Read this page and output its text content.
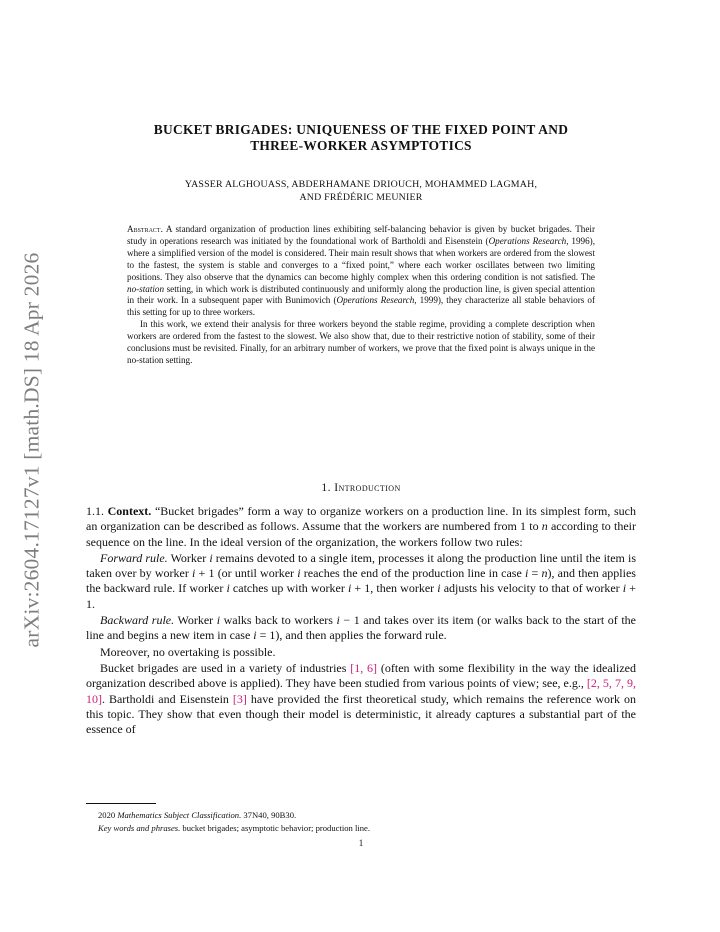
arXiv:2604.17127v1 [math.DS] 18 Apr 2026
BUCKET BRIGADES: UNIQUENESS OF THE FIXED POINT AND
THREE-WORKER ASYMPTOTICS
YASSER ALGHOUASS, ABDERHAMANE DRIOUCH, MOHAMMED LAGMAH,
AND FRÉDÉRIC MEUNIER

Abstract. A standard organization of production lines exhibiting self-balancing behavior is given by bucket brigades. Their study in operations research was initiated by the foundational work of Bartholdi and Eisenstein (Operations Research, 1996), where a simplified version of the model is considered. Their main result shows that when workers are ordered from the slowest to the fastest, the system is stable and converges to a “fixed point,” where each worker oscillates between two limiting positions. They also observe that the dynamics can become highly complex when this ordering condition is not satisfied. The no-station setting, in which work is distributed continuously and uniformly along the production line, is given special attention in their work. In a subsequent paper with Bunimovich (Operations Research, 1999), they characterize all stable behaviors of this setting for up to three workers.

In this work, we extend their analysis for three workers beyond the stable regime, providing a complete description when workers are ordered from the fastest to the slowest. We also show that, due to their restrictive notion of stability, some of their conclusions must be revisited. Finally, for an arbitrary number of workers, we prove that the fixed point is always unique in the no-station setting.

1. Introduction

1.1. Context. “Bucket brigades” form a way to organize workers on a production line. In its simplest form, such an organization can be described as follows. Assume that the workers are numbered from 1 to n according to their sequence on the line. In the ideal version of the organization, the workers follow two rules:

Forward rule. Worker i remains devoted to a single item, processes it along the production line until the item is taken over by worker i + 1 (or until worker i reaches the end of the production line in case i = n), and then applies the backward rule. If worker i catches up with worker i + 1, then worker i adjusts his velocity to that of worker i + 1.

Backward rule. Worker i walks back to workers i − 1 and takes over its item (or walks back to the start of the line and begins a new item in case i = 1), and then applies the forward rule.

Moreover, no overtaking is possible.

Bucket brigades are used in a variety of industries [1, 6] (often with some flexibility in the way the idealized organization described above is applied). They have been studied from various points of view; see, e.g., [2, 5, 7, 9, 10]. Bartholdi and Eisenstein [3] have provided the first theoretical study, which remains the reference work on this topic. They show that even though their model is deterministic, it already captures a substantial part of the essence of

2020 Mathematics Subject Classification. 37N40, 90B30.
Key words and phrases. bucket brigades; asymptotic behavior; production line.
1
